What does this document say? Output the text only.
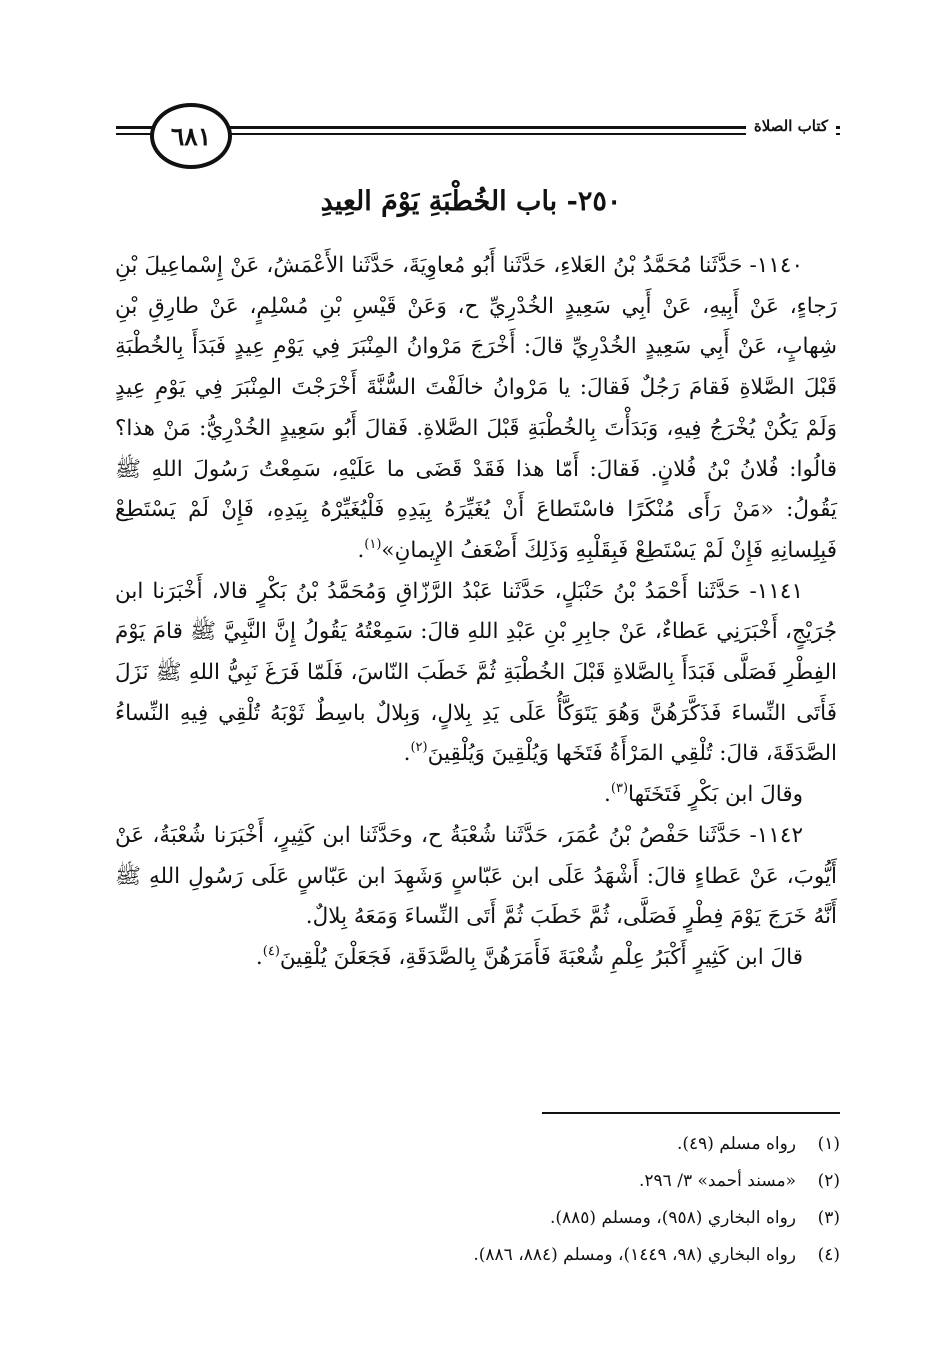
كتاب الصلاة
٦٨١
٢٥٠- باب الخُطْبَةِ يَوْمَ العِيدِ

١١٤٠- حَدَّثَنا مُحَمَّدُ بْنُ العَلاءِ، حَدَّثَنا أَبُو مُعاوِيَةَ، حَدَّثَنا الأَعْمَشُ، عَنْ إِسْماعِيلَ بْنِ رَجاءٍ، عَنْ أَبِيهِ، عَنْ أَبِي سَعِيدٍ الخُدْرِيِّ ح، وَعَنْ قَيْسِ بْنِ مُسْلِمٍ، عَنْ طارِقِ بْنِ شِهابٍ، عَنْ أَبِي سَعِيدٍ الخُدْرِيِّ قالَ: أَخْرَجَ مَرْوانُ المِنْبَرَ فِي يَوْمِ عِيدٍ فَبَدَأَ بِالخُطْبَةِ قَبْلَ الصَّلاةِ فَقامَ رَجُلٌ فَقالَ: يا مَرْوانُ خالَفْتَ السُّنَّةَ أَخْرَجْتَ المِنْبَرَ فِي يَوْمِ عِيدٍ وَلَمْ يَكُنْ يُخْرَجُ فِيهِ، وَبَدَأْتَ بِالخُطْبَةِ قَبْلَ الصَّلاةِ. فَقالَ أَبُو سَعِيدٍ الخُدْرِيُّ: مَنْ هذا؟ قالُوا: فُلانُ بْنُ فُلانٍ. فَقالَ: أَمّا هذا فَقَدْ قَضَى ما عَلَيْهِ، سَمِعْتُ رَسُولَ اللهِ ﷺ يَقُولُ: «مَنْ رَأَى مُنْكَرًا فاسْتَطاعَ أَنْ يُغَيِّرَهُ بِيَدِهِ فَلْيُغَيِّرْهُ بِيَدِهِ، فَإِنْ لَمْ يَسْتَطِعْ فَبِلِسانِهِ فَإِنْ لَمْ يَسْتَطِعْ فَبِقَلْبِهِ وَذَلِكَ أَضْعَفُ الإِيمانِ»$^{(١)}$.

١١٤١- حَدَّثَنا أَحْمَدُ بْنُ حَنْبَلٍ، حَدَّثَنا عَبْدُ الرَّزّاقِ وَمُحَمَّدُ بْنُ بَكْرٍ قالا، أَخْبَرَنا ابن جُرَيْجٍ، أَخْبَرَنِي عَطاءٌ، عَنْ جابِرِ بْنِ عَبْدِ اللهِ قالَ: سَمِعْتُهُ يَقُولُ إِنَّ النَّبِيَّ ﷺ قامَ يَوْمَ الفِطْرِ فَصَلَّى فَبَدَأَ بِالصَّلاةِ قَبْلَ الخُطْبَةِ ثُمَّ خَطَبَ النّاسَ، فَلَمّا فَرَغَ نَبِيُّ اللهِ ﷺ نَزَلَ فَأَتَى النِّساءَ فَذَكَّرَهُنَّ وَهُوَ يَتَوَكَّأُ عَلَى يَدِ بِلالٍ، وَبِلالٌ باسِطٌ ثَوْبَهُ تُلْقِي فِيهِ النِّساءُ الصَّدَقَةَ، قالَ: تُلْقِي المَرْأَةُ فَتَخَها وَيُلْقِينَ وَيُلْقِينَ$^{(٢)}$.

وقالَ ابن بَكْرٍ فَتَخَتَها$^{(٣)}$.

١١٤٢- حَدَّثَنا حَفْصُ بْنُ عُمَرَ، حَدَّثَنا شُعْبَةُ ح، وحَدَّثَنا ابن كَثِيرٍ، أَخْبَرَنا شُعْبَةُ، عَنْ أَيُّوبَ، عَنْ عَطاءٍ قالَ: أَشْهَدُ عَلَى ابن عَبّاسٍ وَشَهِدَ ابن عَبّاسٍ عَلَى رَسُولِ اللهِ ﷺ أَنَّهُ خَرَجَ يَوْمَ فِطْرٍ فَصَلَّى، ثُمَّ خَطَبَ ثُمَّ أَتَى النِّساءَ وَمَعَهُ بِلالٌ.

قالَ ابن كَثِيرٍ أَكْبَرُ عِلْمِ شُعْبَةَ فَأَمَرَهُنَّ بِالصَّدَقَةِ، فَجَعَلْنَ يُلْقِينَ$^{(٤)}$.

(١)رواه مسلم (٤٩).
(٢)«مسند أحمد» ٣/ ٢٩٦.
(٣)رواه البخاري (٩٥٨)، ومسلم (٨٨٥).
(٤)رواه البخاري (٩٨، ١٤٤٩)، ومسلم (٨٨٤، ٨٨٦).
